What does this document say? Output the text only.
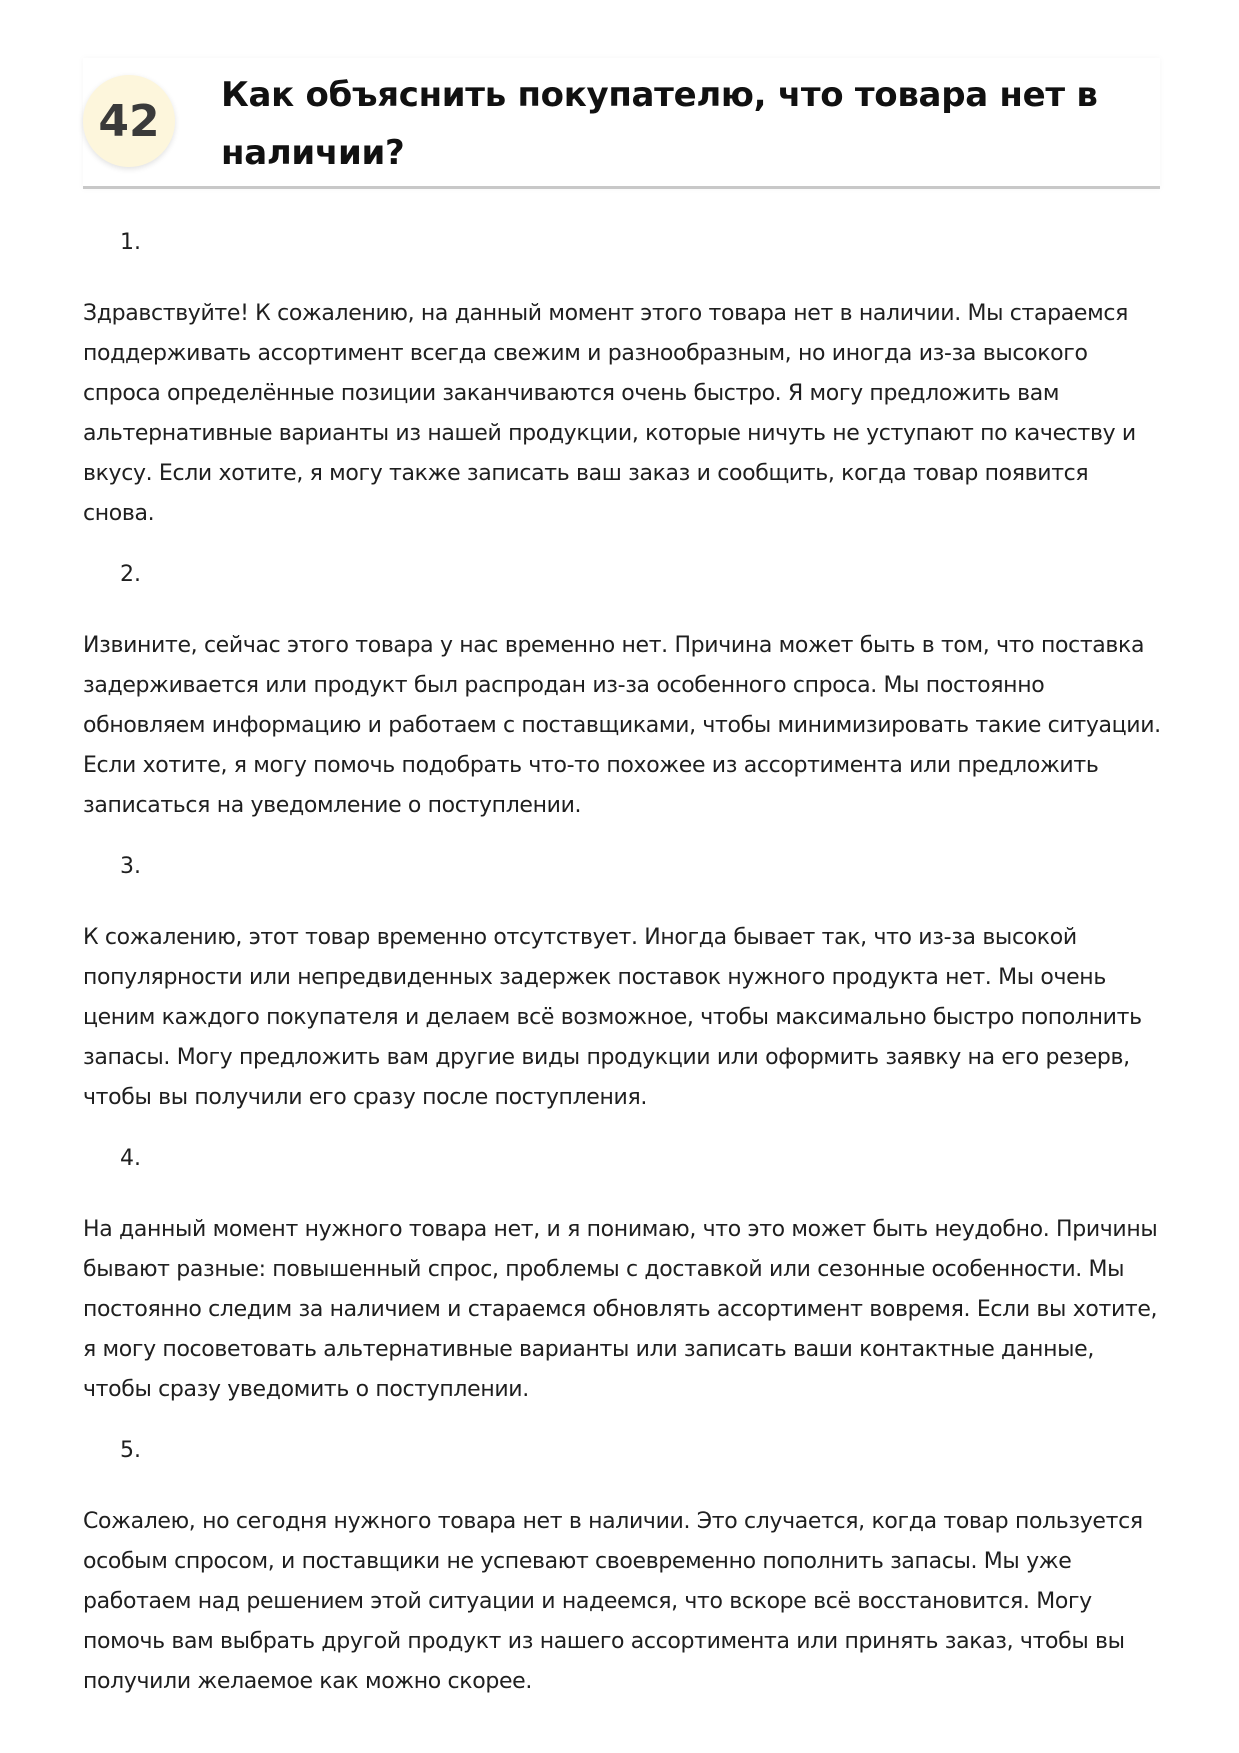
42
Как объяснить покупателю, что товара нет в наличии?

1.

Здравствуйте! К сожалению, на данный момент этого товара нет в наличии. Мы стараемся поддерживать ассортимент всегда свежим и разнообразным, но иногда из-за высокого спроса определённые позиции заканчиваются очень быстро. Я могу предложить вам альтернативные варианты из нашей продукции, которые ничуть не уступают по качеству и вкусу. Если хотите, я могу также записать ваш заказ и сообщить, когда товар появится снова.

2.

Извините, сейчас этого товара у нас временно нет. Причина может быть в том, что поставка задерживается или продукт был распродан из-за особенного спроса. Мы постоянно обновляем информацию и работаем с поставщиками, чтобы минимизировать такие ситуации. Если хотите, я могу помочь подобрать что-то похожее из ассортимента или предложить записаться на уведомление о поступлении.

3.

К сожалению, этот товар временно отсутствует. Иногда бывает так, что из-за высокой популярности или непредвиденных задержек поставок нужного продукта нет. Мы очень ценим каждого покупателя и делаем всё возможное, чтобы максимально быстро пополнить запасы. Могу предложить вам другие виды продукции или оформить заявку на его резерв, чтобы вы получили его сразу после поступления.

4.

На данный момент нужного товара нет, и я понимаю, что это может быть неудобно. Причины бывают разные: повышенный спрос, проблемы с доставкой или сезонные особенности. Мы постоянно следим за наличием и стараемся обновлять ассортимент вовремя. Если вы хотите, я могу посоветовать альтернативные варианты или записать ваши контактные данные, чтобы сразу уведомить о поступлении.

5.

Сожалею, но сегодня нужного товара нет в наличии. Это случается, когда товар пользуется особым спросом, и поставщики не успевают своевременно пополнить запасы. Мы уже работаем над решением этой ситуации и надеемся, что вскоре всё восстановится. Могу помочь вам выбрать другой продукт из нашего ассортимента или принять заказ, чтобы вы получили желаемое как можно скорее.
